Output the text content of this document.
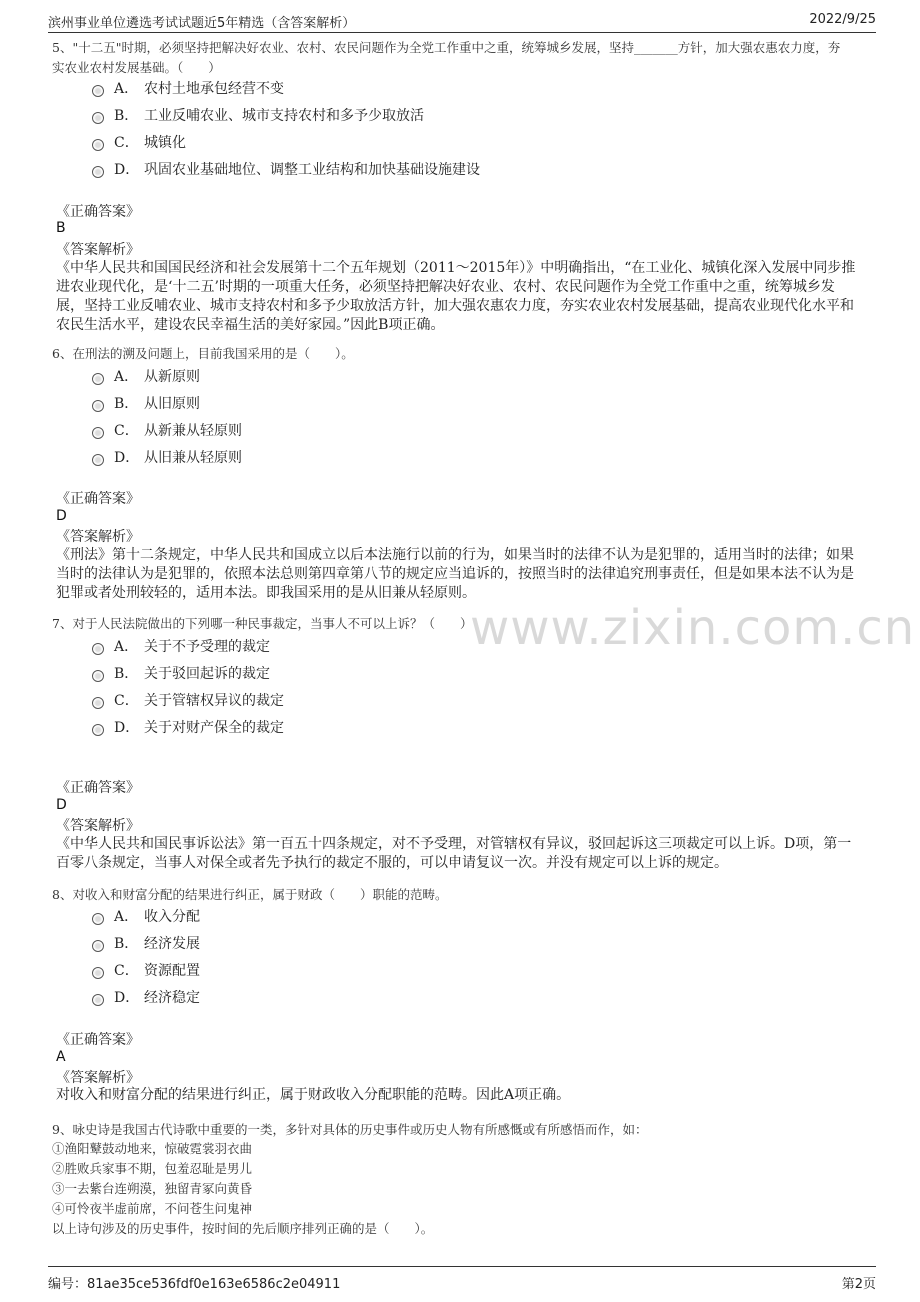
滨州事业单位遴选考试试题近5年精选（含答案解析）	2022/9/25
www.zixin.com.cn
5、"十二五"时期，必须坚持把解决好农业、农村、农民问题作为全党工作重中之重，统筹城乡发展，坚持_______方针，加大强农惠农力度，夯
实农业农村发展基础。（　　）
A． 农村土地承包经营不变
B． 工业反哺农业、城市支持农村和多予少取放活
C． 城镇化
D． 巩固农业基础地位、调整工业结构和加快基础设施建设
《正确答案》
B
《答案解析》
《中华人民共和国国民经济和社会发展第十二个五年规划（2011～2015年）》中明确指出，“在工业化、城镇化深入发展中同步推进农业现代化，是‘十二五’时期的一项重大任务，必须坚持把解决好农业、农村、农民问题作为全党工作重中之重，统筹城乡发展，坚持工业反哺农业、城市支持农村和多予少取放活方针，加大强农惠农力度，夯实农业农村发展基础，提高农业现代化水平和农民生活水平，建设农民幸福生活的美好家园。”因此B项正确。
6、在刑法的溯及问题上，目前我国采用的是（　　）。
A． 从新原则
B． 从旧原则
C． 从新兼从轻原则
D． 从旧兼从轻原则
《正确答案》
D
《答案解析》
《刑法》第十二条规定，中华人民共和国成立以后本法施行以前的行为，如果当时的法律不认为是犯罪的，适用当时的法律；如果当时的法律认为是犯罪的，依照本法总则第四章第八节的规定应当追诉的，按照当时的法律追究刑事责任，但是如果本法不认为是犯罪或者处刑较轻的，适用本法。即我国采用的是从旧兼从轻原则。
7、对于人民法院做出的下列哪一种民事裁定，当事人不可以上诉？（　　）
A． 关于不予受理的裁定
B． 关于驳回起诉的裁定
C． 关于管辖权异议的裁定
D． 关于对财产保全的裁定
《正确答案》
D
《答案解析》
《中华人民共和国民事诉讼法》第一百五十四条规定，对不予受理，对管辖权有异议，驳回起诉这三项裁定可以上诉。D项，第一百零八条规定，当事人对保全或者先予执行的裁定不服的，可以申请复议一次。并没有规定可以上诉的规定。
8、对收入和财富分配的结果进行纠正，属于财政（　　）职能的范畴。
A． 收入分配
B． 经济发展
C． 资源配置
D． 经济稳定
《正确答案》
A
《答案解析》
对收入和财富分配的结果进行纠正，属于财政收入分配职能的范畴。因此A项正确。
9、咏史诗是我国古代诗歌中重要的一类，多针对具体的历史事件或历史人物有所感慨或有所感悟而作，如：
①渔阳鼙鼓动地来，惊破霓裳羽衣曲
②胜败兵家事不期，包羞忍耻是男儿
③一去紫台连朔漠，独留青冢向黄昏
④可怜夜半虚前席，不问苍生问鬼神
以上诗句涉及的历史事件，按时间的先后顺序排列正确的是（　　）。
编号：81ae35ce536fdf0e163e6586c2e04911	第2页
